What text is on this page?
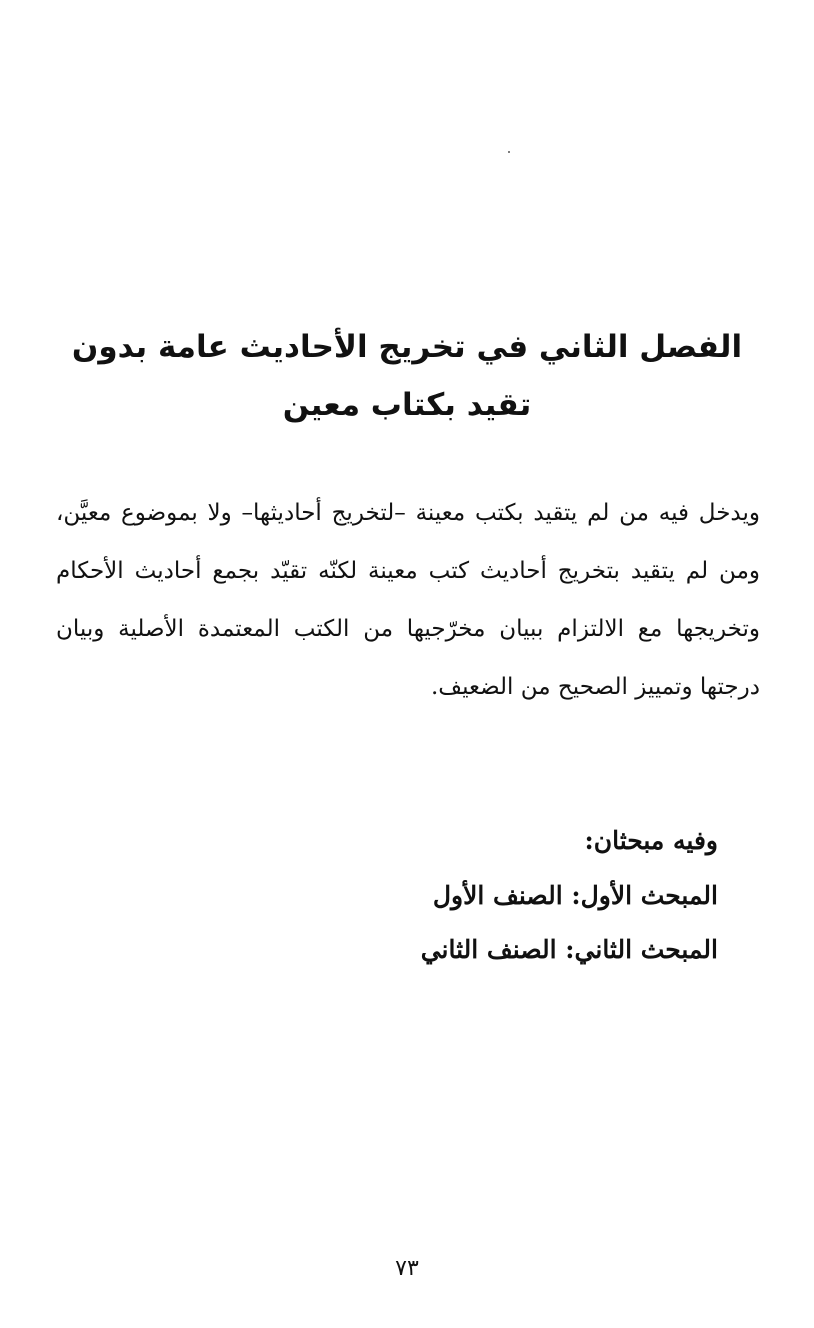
الفصل الثاني في تخريج الأحاديث عامة بدون تقيد بكتاب معين

ويدخل فيه من لم يتقيد بكتب معينة –لتخريج أحاديثها– ولا بموضوع معيَّن، ومن لم يتقيد بتخريج أحاديث كتب معينة لكنّه تقيّد بجمع أحاديث الأحكام وتخريجها مع الالتزام ببيان مخرّجيها من الكتب المعتمدة الأصلية وبيان درجتها وتمييز الصحيح من الضعيف.

وفيه مبحثان:
المبحث الأول: الصنف الأول
المبحث الثاني: الصنف الثاني
٧٣
